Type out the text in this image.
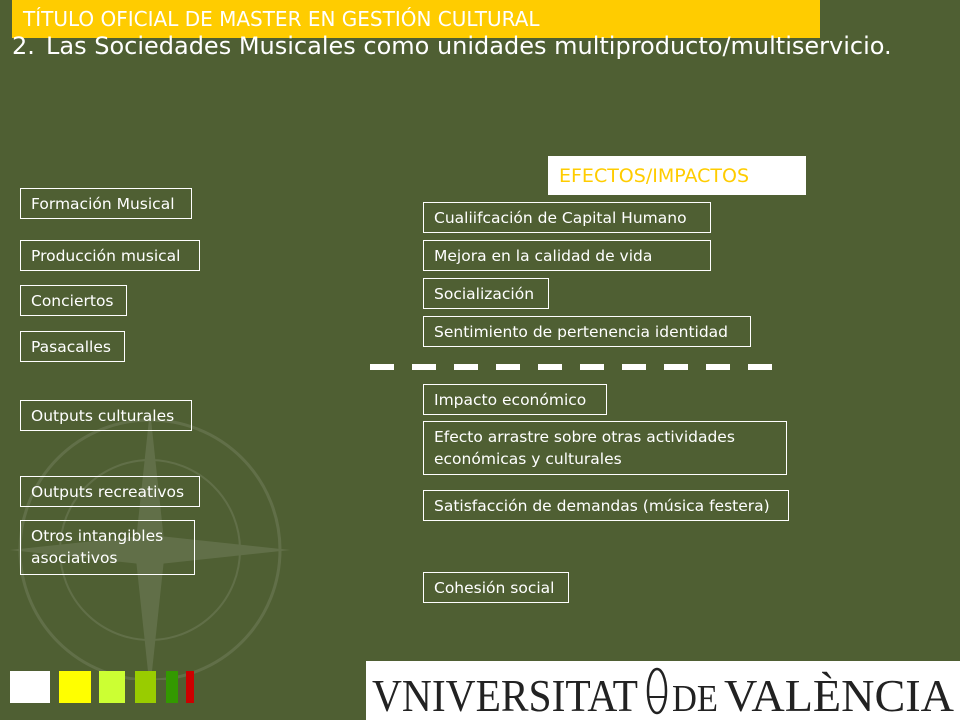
TÍTULO OFICIAL DE MASTER EN GESTIÓN CULTURAL
2. Las Sociedades Musicales como unidades multiproducto/multiservicio.
EFECTOS/IMPACTOS
Formación Musical
Producción musical
Conciertos
Pasacalles
Outputs culturales
Outputs recreativos
Otros intangibles asociativos
Cualiifcación de Capital Humano
Mejora en la calidad de vida
Socialización
Sentimiento de pertenencia identidad
Impacto económico
Efecto arrastre sobre otras actividades económicas y culturales
Satisfacción de demandas (música festera)
Cohesión social
VNIVERSITAT DE VALÈNCIA
